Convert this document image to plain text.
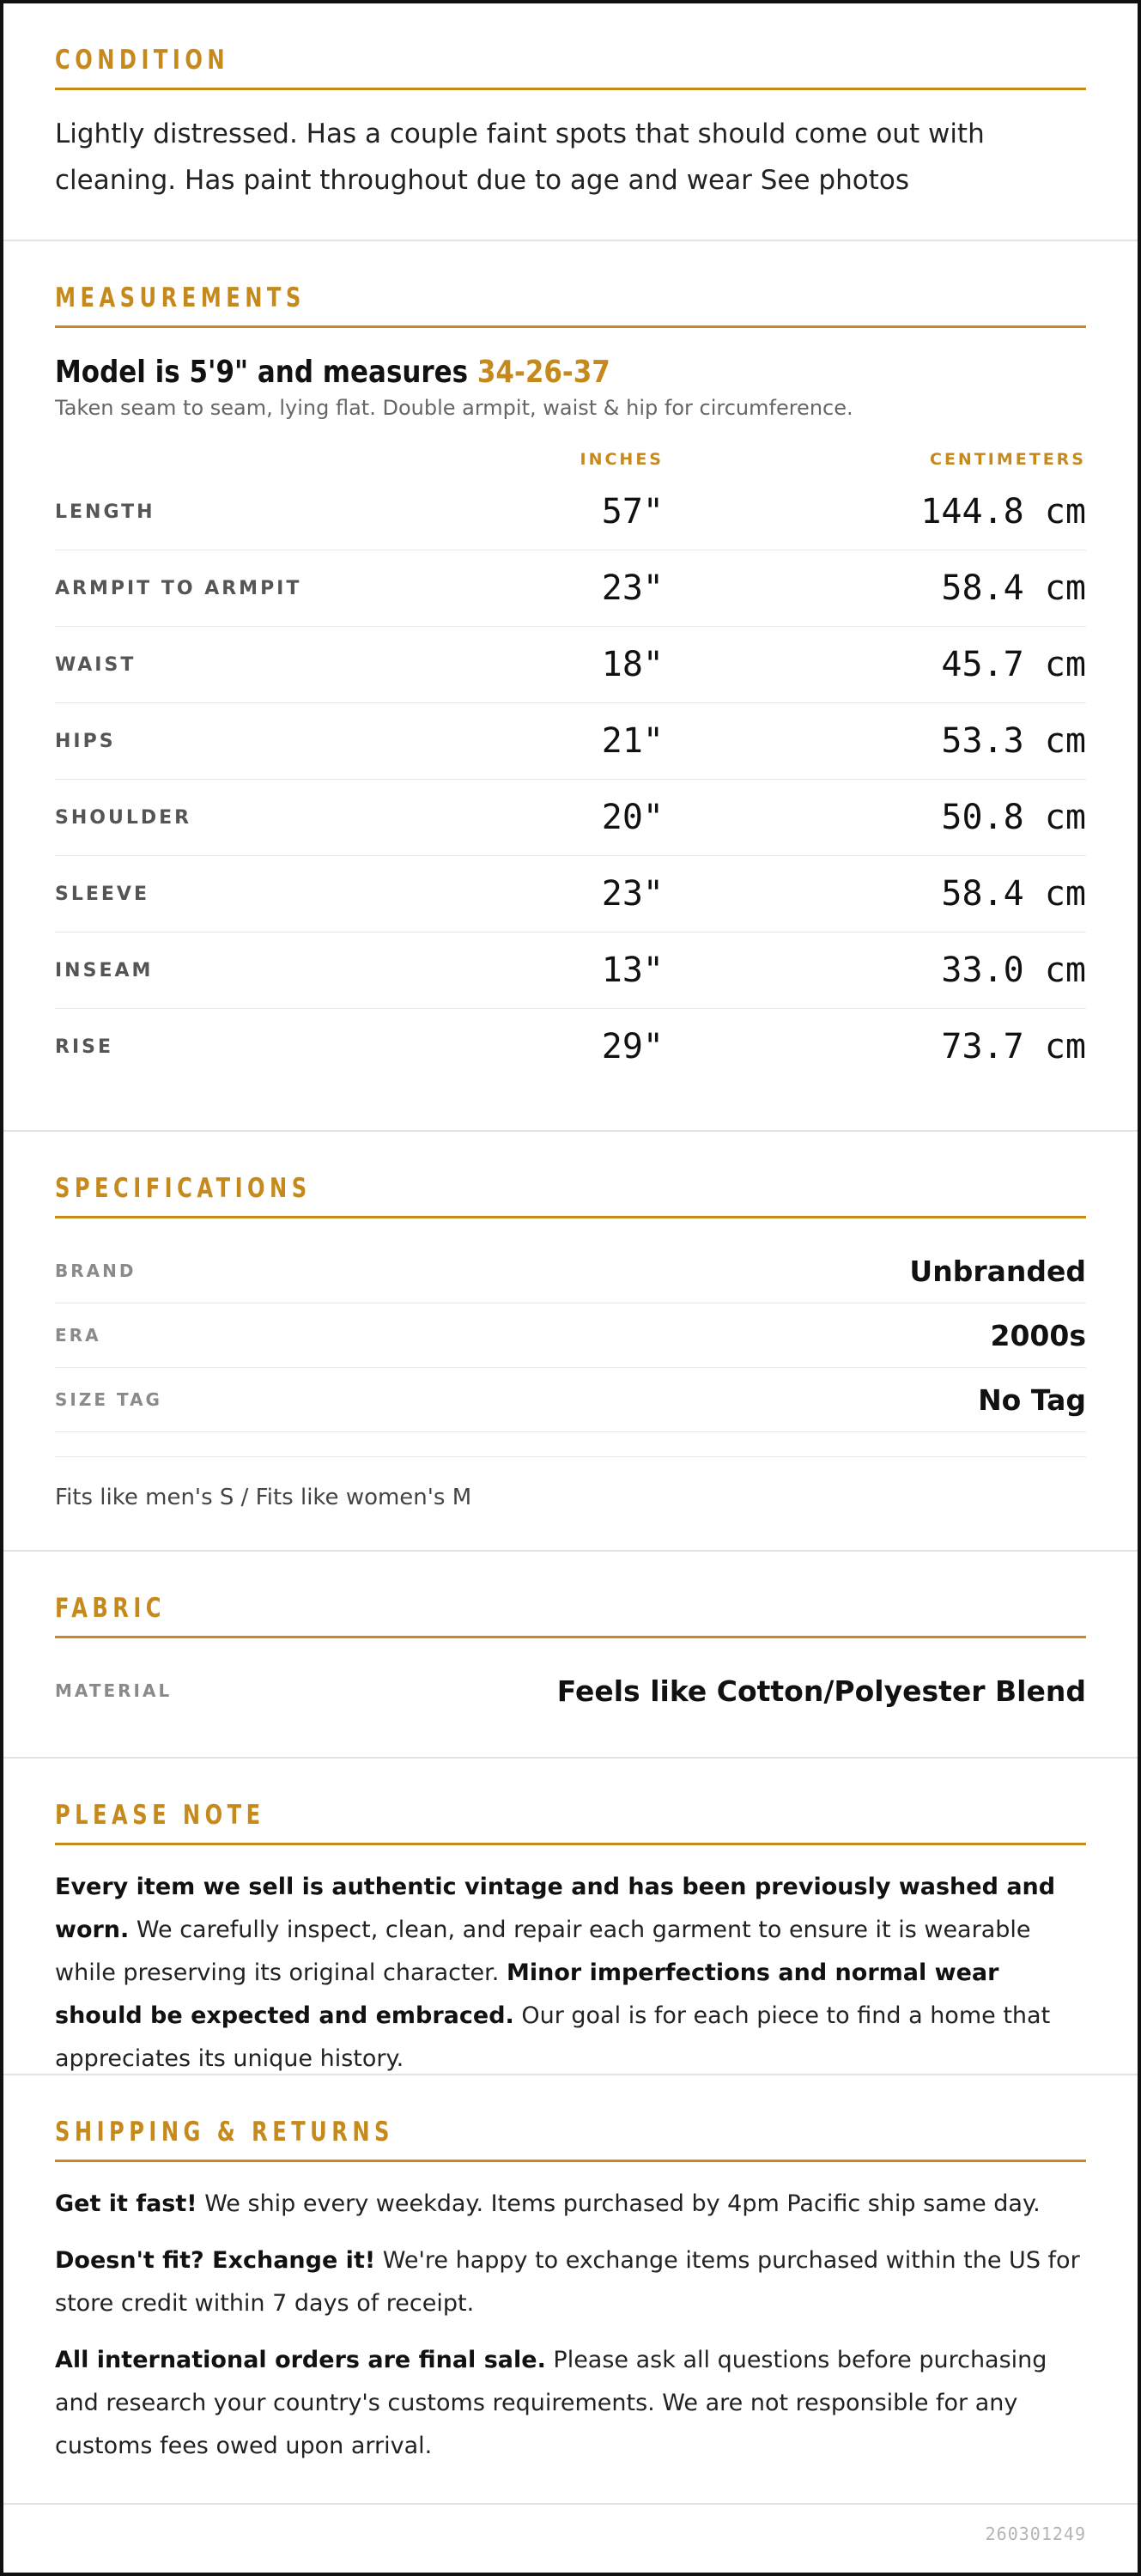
CONDITION
Lightly distressed. Has a couple faint spots that should come out with cleaning. Has paint throughout due to age and wear See photos
MEASUREMENTS
Model is 5'9" and measures 34-26-37
Taken seam to seam, lying flat. Double armpit, waist & hip for circumference.
INCHES	CENTIMETERS
LENGTH	57"	144.8 cm
ARMPIT TO ARMPIT	23"	58.4 cm
WAIST	18"	45.7 cm
HIPS	21"	53.3 cm
SHOULDER	20"	50.8 cm
SLEEVE	23"	58.4 cm
INSEAM	13"	33.0 cm
RISE	29"	73.7 cm
SPECIFICATIONS
BRAND	Unbranded
ERA	2000s
SIZE TAG	No Tag
Fits like men's S / Fits like women's M
FABRIC
MATERIAL	Feels like Cotton/Polyester Blend
PLEASE NOTE
Every item we sell is authentic vintage and has been previously washed and worn. We carefully inspect, clean, and repair each garment to ensure it is wearable while preserving its original character. Minor imperfections and normal wear should be expected and embraced. Our goal is for each piece to find a home that appreciates its unique history.
SHIPPING & RETURNS

Get it fast! We ship every weekday. Items purchased by 4pm Pacific ship same day.

Doesn't fit? Exchange it! We're happy to exchange items purchased within the US for store credit within 7 days of receipt.

All international orders are final sale. Please ask all questions before purchasing and research your country's customs requirements. We are not responsible for any customs fees owed upon arrival.

260301249
